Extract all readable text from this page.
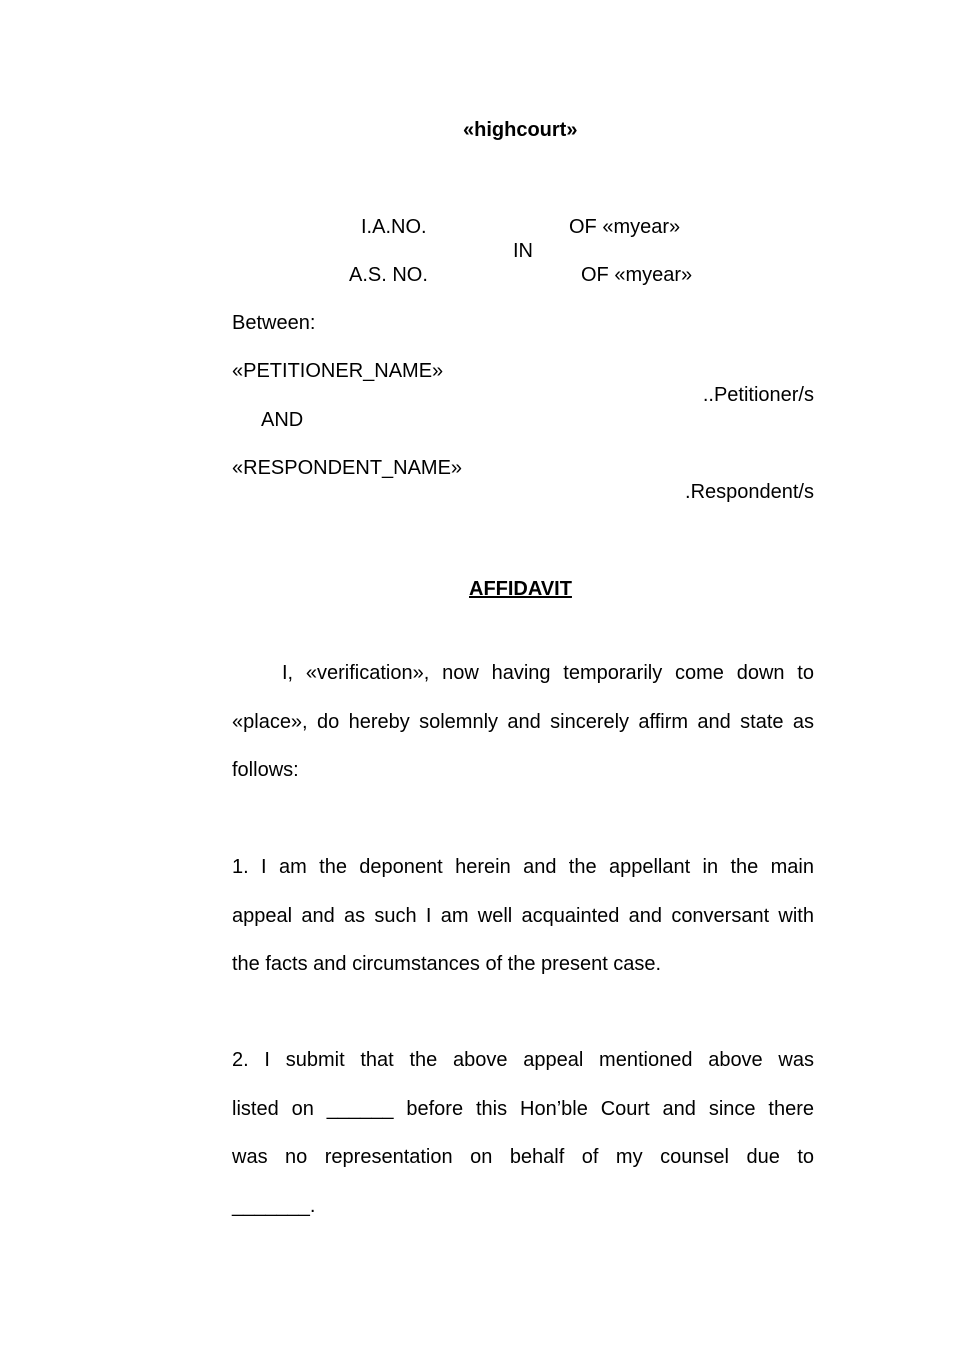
«highcourt»
I.A.NO.	OF «myear»
IN
A.S. NO.	OF «myear»
Between:
«PETITIONER_NAME»
..Petitioner/s
AND
«RESPONDENT_NAME»
.Respondent/s
AFFIDAVIT
I, «verification», now having temporarily come down to
«place», do hereby solemnly and sincerely affirm and state as
follows:
1. I am the deponent herein and the appellant in the main
appeal and as such I am well acquainted and conversant with
the facts and circumstances of the present case.
2. I submit that the above appeal mentioned above was
listed on ______ before this Hon’ble Court and since there
was no representation on behalf of my counsel due to
_______.
